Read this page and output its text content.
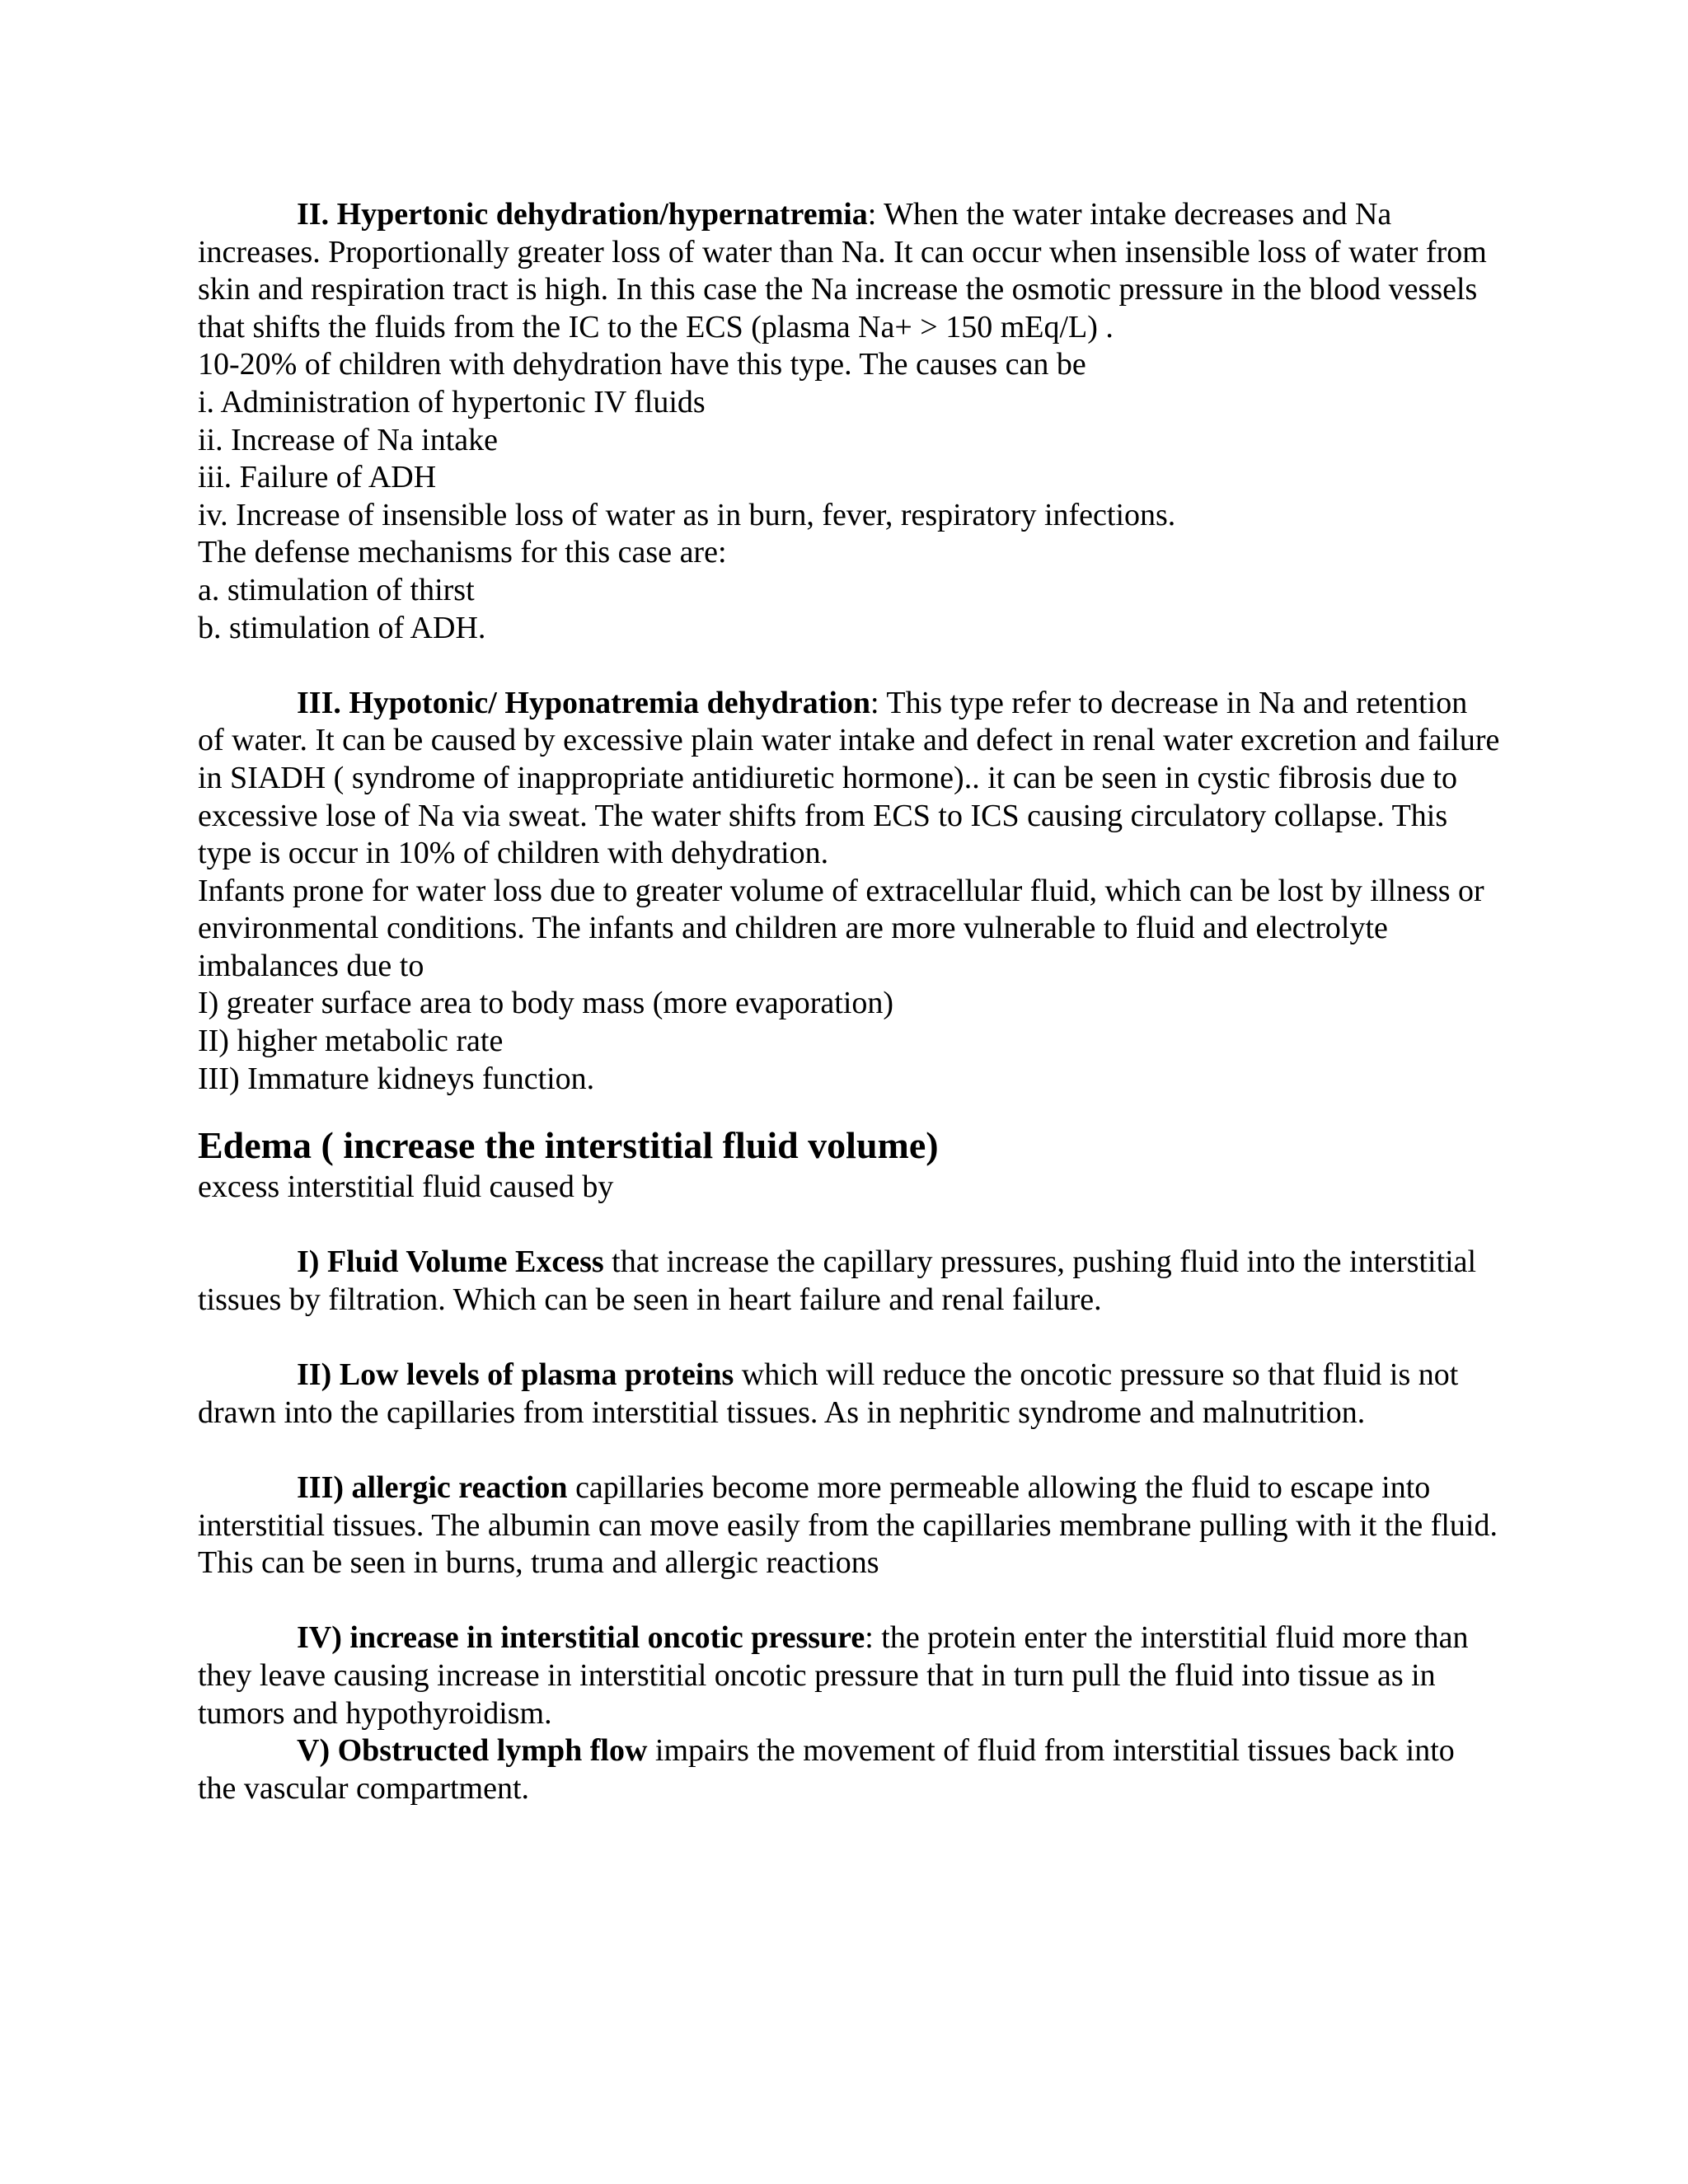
II. Hypertonic dehydration/hypernatremia: When the water intake decreases and Na increases. Proportionally greater loss of water than Na. It can occur when insensible loss of water from skin and respiration tract is high. In this case the Na increase the osmotic pressure in the blood vessels that shifts the fluids from the IC to the ECS (plasma Na+ > 150 mEq/L) .

10-20% of children with dehydration have this type. The causes can be

i. Administration of hypertonic IV fluids

ii. Increase of Na intake

iii. Failure of ADH

iv. Increase of insensible loss of water as in burn, fever, respiratory infections.

The defense mechanisms for this case are:

a. stimulation of thirst

b. stimulation of ADH.

III. Hypotonic/ Hyponatremia dehydration: This type refer to decrease in Na and retention of water. It can be caused by excessive plain water intake and defect in renal water excretion and failure in SIADH ( syndrome of inappropriate antidiuretic hormone).. it can be seen in cystic fibrosis due to excessive lose of Na via sweat. The water shifts from ECS to ICS causing circulatory collapse. This type is occur in 10% of children with dehydration.

Infants prone for water loss due to greater volume of extracellular fluid, which can be lost by illness or environmental conditions. The infants and children are more vulnerable to fluid and electrolyte imbalances due to

I) greater surface area to body mass (more evaporation)

II) higher metabolic rate

III) Immature kidneys function.

Edema ( increase the interstitial fluid volume)

excess interstitial fluid caused by

I) Fluid Volume Excess that increase the capillary pressures, pushing fluid into the interstitial tissues by filtration. Which can be seen in heart failure and renal failure.

II) Low levels of plasma proteins which will reduce the oncotic pressure so that fluid is not drawn into the capillaries from interstitial tissues. As in nephritic syndrome and malnutrition.

III) allergic reaction capillaries become more permeable allowing the fluid to escape into interstitial tissues. The albumin can move easily from the capillaries membrane pulling with it the fluid. This can be seen in burns, truma and allergic reactions

IV) increase in interstitial oncotic pressure: the protein enter the interstitial fluid more than they leave causing increase in interstitial oncotic pressure that in turn pull the fluid into tissue as in tumors and hypothyroidism.

V) Obstructed lymph flow impairs the movement of fluid from interstitial tissues back into the vascular compartment.
